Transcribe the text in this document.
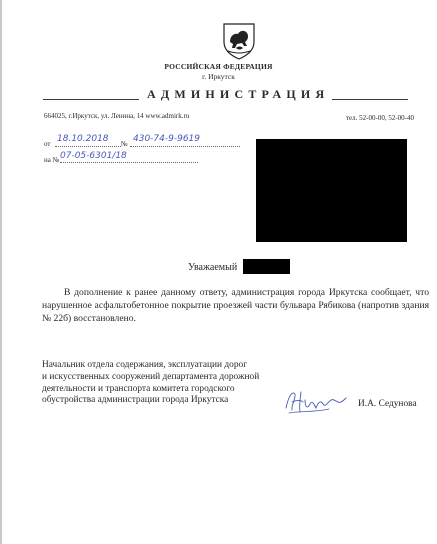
РОССИЙСКАЯ ФЕДЕРАЦИЯ
г. Иркутск
АДМИНИСТРАЦИЯ
664025, г.Иркутск, ул. Ленина, 14 www.admirk.ru	тел. 52-00-00, 52-00-40
от 18.10.2018 № 430-74-9-9619
на № 07-05-6301/18
Уважаемый
В дополнение к ранее данному ответу, администрация города Иркутска сообщает, что нарушенное асфальтобетонное покрытие проезжей части бульвара Рябикова (напротив здания № 22б) восстановлено.
Начальник отдела содержания, эксплуатации дорог
и искусственных сооружений департамента дорожной
деятельности и транспорта комитета городского
обустройства администрации города Иркутска	И.А. Седунова
